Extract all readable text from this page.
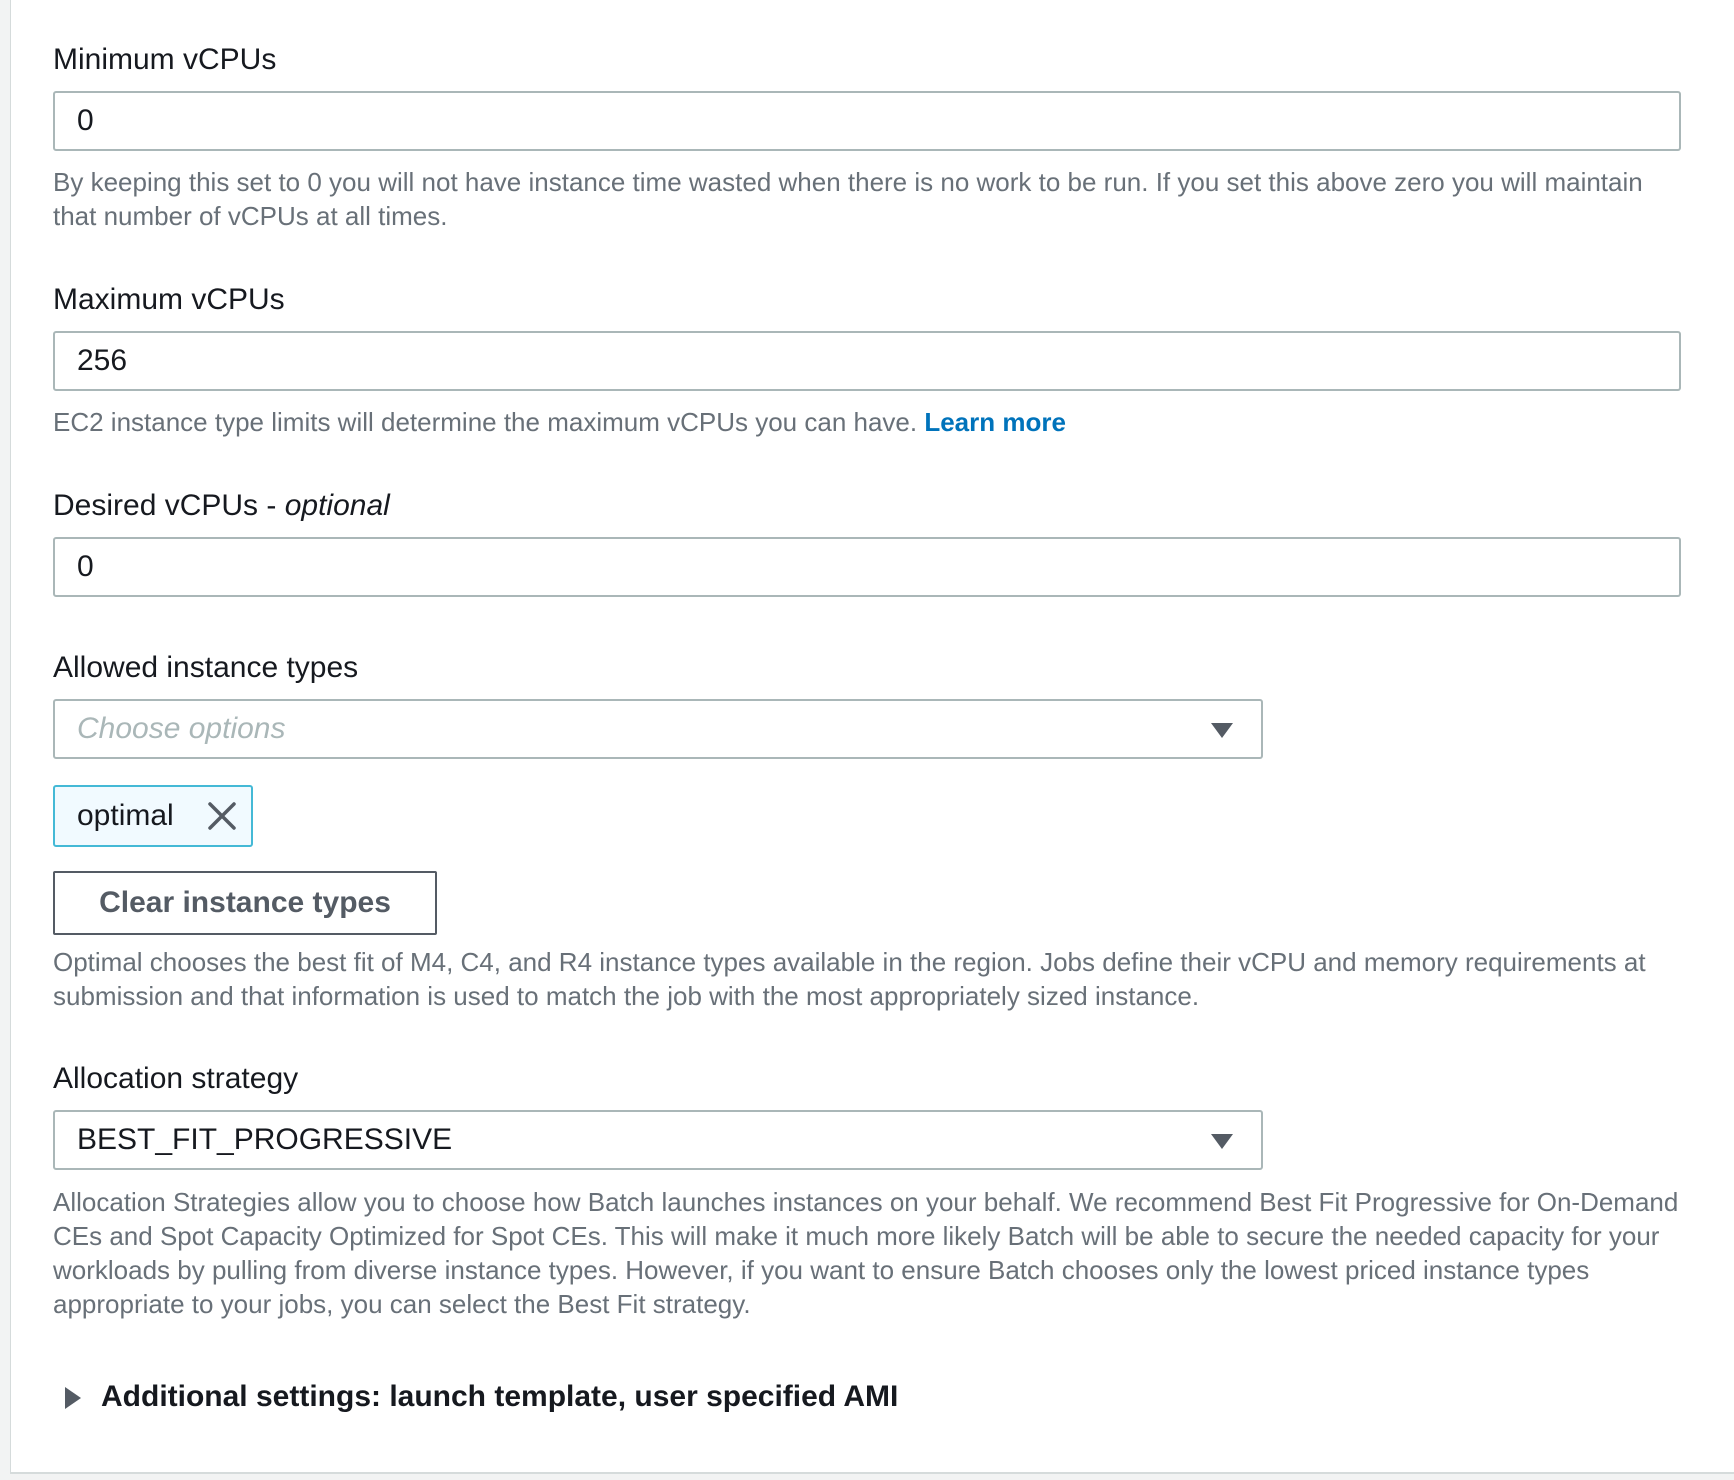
Minimum vCPUs
0
By keeping this set to 0 you will not have instance time wasted when there is no work to be run. If you set this above zero you will maintain that number of vCPUs at all times.
Maximum vCPUs
256
EC2 instance type limits will determine the maximum vCPUs you can have. Learn more
Desired vCPUs - optional
0
Allowed instance types
Choose options
optimal
Clear instance types
Optimal chooses the best fit of M4, C4, and R4 instance types available in the region. Jobs define their vCPU and memory requirements at submission and that information is used to match the job with the most appropriately sized instance.
Allocation strategy
BEST_FIT_PROGRESSIVE
Allocation Strategies allow you to choose how Batch launches instances on your behalf. We recommend Best Fit Progressive for On-Demand CEs and Spot Capacity Optimized for Spot CEs. This will make it much more likely Batch will be able to secure the needed capacity for your workloads by pulling from diverse instance types. However, if you want to ensure Batch chooses only the lowest priced instance types appropriate to your jobs, you can select the Best Fit strategy.
Additional settings: launch template, user specified AMI
